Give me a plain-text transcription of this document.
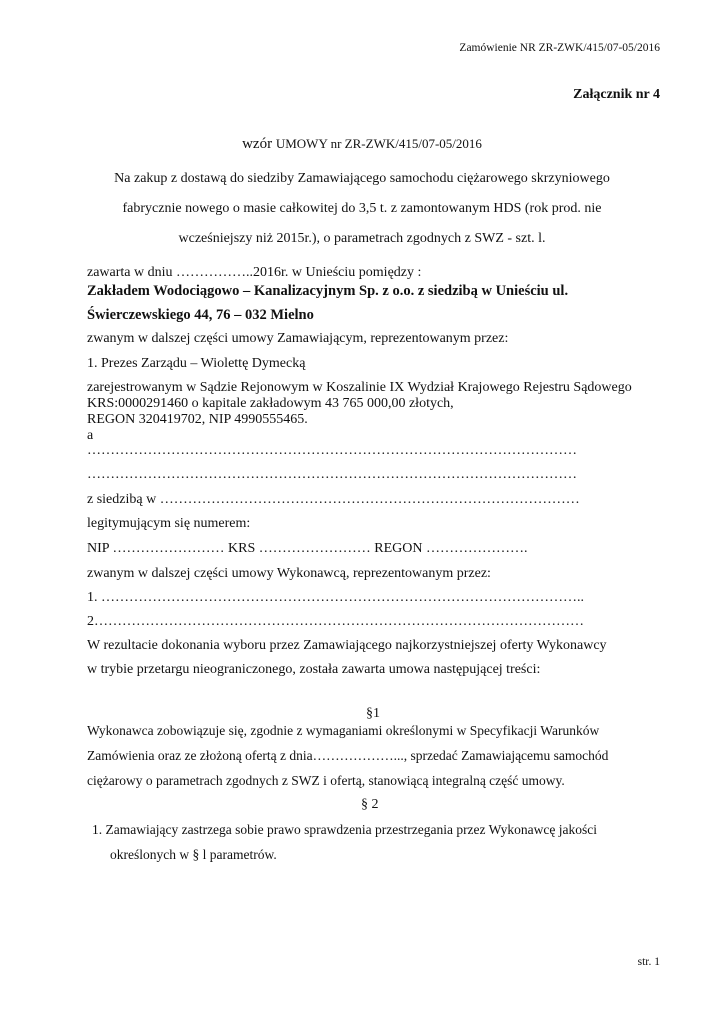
Zamówienie NR ZR-ZWK/415/07-05/2016
Załącznik nr 4
wzór UMOWY nr ZR-ZWK/415/07-05/2016
Na zakup z dostawą do siedziby Zamawiającego samochodu ciężarowego skrzyniowego
fabrycznie nowego o masie całkowitej do 3,5 t. z zamontowanym HDS (rok prod. nie
wcześniejszy niż 2015r.), o parametrach zgodnych z SWZ - szt. l.
zawarta w dniu ……………..2016r. w Unieściu pomiędzy :
Zakładem Wodociągowo – Kanalizacyjnym Sp. z o.o. z siedzibą w Unieściu ul.
Świerczewskiego 44, 76 – 032 Mielno
zwanym w dalszej części umowy Zamawiającym, reprezentowanym przez:
1. Prezes Zarządu – Wiolettę Dymecką
zarejestrowanym w Sądzie Rejonowym w Koszalinie IX Wydział Krajowego Rejestru Sądowego
KRS:0000291460 o kapitale zakładowym 43 765 000,00 złotych,
REGON 320419702, NIP 4990555465.
a
……………………………………………………………………………………………
……………………………………………………………………………………………
z siedzibą w ………………………………………………………………………………
legitymującym się numerem:
NIP …………………… KRS …………………… REGON ………………….
zwanym w dalszej części umowy Wykonawcą, reprezentowanym przez:
1. …………………………………………………………………………………………..
2……………………………………………………………………………………………
W rezultacie dokonania wyboru przez Zamawiającego najkorzystniejszej oferty Wykonawcy
w trybie przetargu nieograniczonego, została zawarta umowa następującej treści:
§1
Wykonawca zobowiązuje się, zgodnie z wymaganiami określonymi w Specyfikacji Warunków
Zamówienia oraz ze złożoną ofertą z dnia………………..., sprzedać Zamawiającemu samochód
ciężarowy o parametrach zgodnych z SWZ i ofertą, stanowiącą integralną część umowy.
§ 2
1. Zamawiający zastrzega sobie prawo sprawdzenia przestrzegania przez Wykonawcę jakości
określonych w § l parametrów.
str. 1
